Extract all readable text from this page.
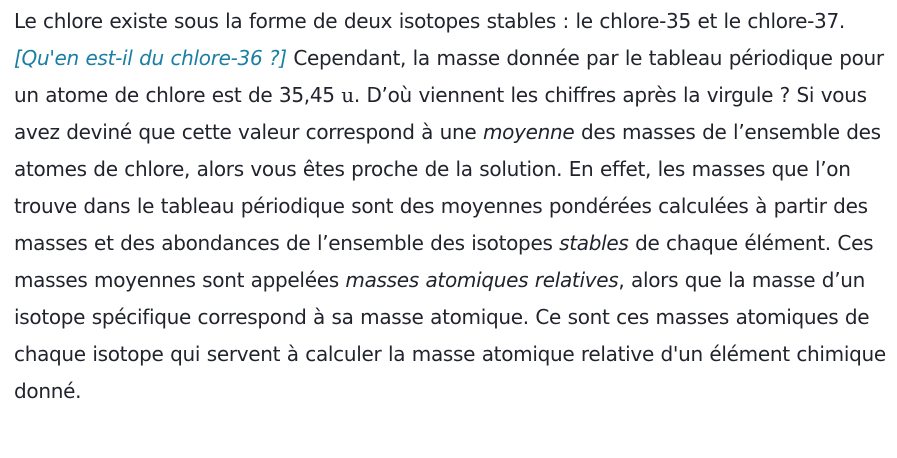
Le chlore existe sous la forme de deux isotopes stables : le chlore-35 et le chlore-37. [Qu'en est-il du chlore-36 ?] Cependant, la masse donnée par le tableau périodique pour un atome de chlore est de 35,45 u. D’où viennent les chiffres après la virgule ? Si vous avez deviné que cette valeur correspond à une moyenne des masses de l’ensemble des atomes de chlore, alors vous êtes proche de la solution. En effet, les masses que l’on trouve dans le tableau périodique sont des moyennes pondérées calculées à partir des masses et des abondances de l’ensemble des isotopes stables de chaque élément. Ces masses moyennes sont appelées masses atomiques relatives, alors que la masse d’un isotope spécifique correspond à sa masse atomique. Ce sont ces masses atomiques de chaque isotope qui servent à calculer la masse atomique relative d'un élément chimique donné.
